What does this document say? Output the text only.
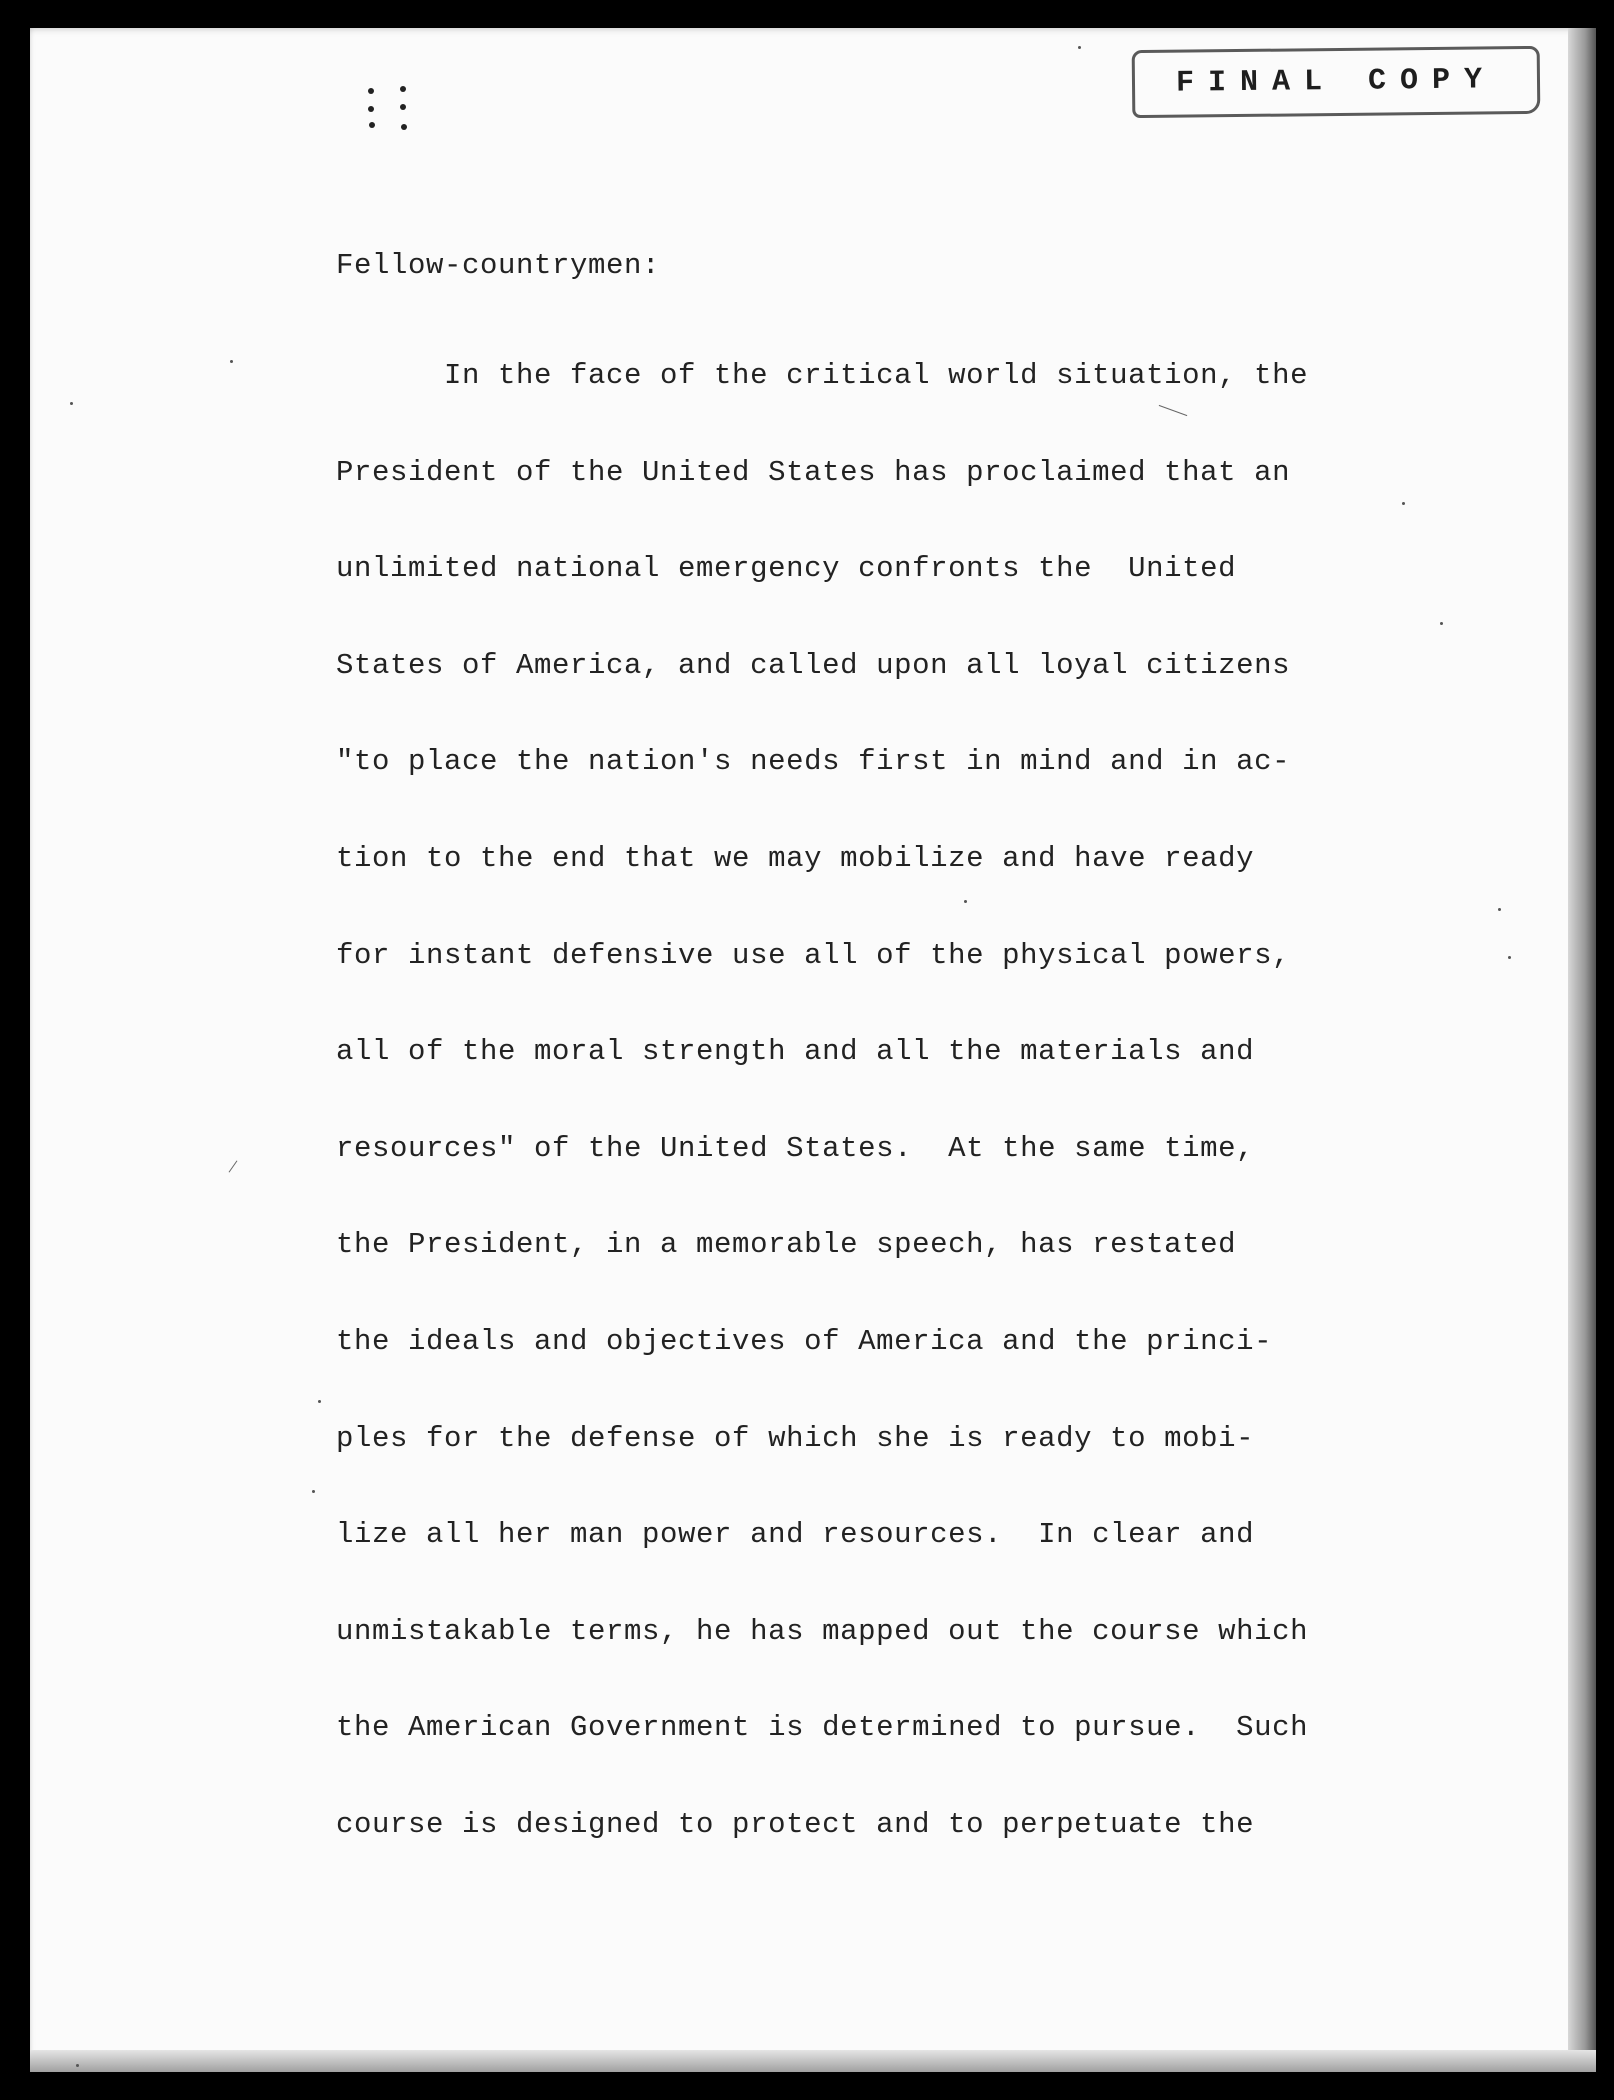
FINAL COPY
Fellow-countrymen:
In the face of the critical world situation, the
President of the United States has proclaimed that an
unlimited national emergency confronts the  United
States of America, and called upon all loyal citizens
"to place the nation's needs first in mind and in ac-
tion to the end that we may mobilize and have ready
for instant defensive use all of the physical powers,
all of the moral strength and all the materials and
resources" of the United States.  At the same time,
the President, in a memorable speech, has restated
the ideals and objectives of America and the princi-
ples for the defense of which she is ready to mobi-
lize all her man power and resources.  In clear and
unmistakable terms, he has mapped out the course which
the American Government is determined to pursue.  Such
course is designed to protect and to perpetuate the
